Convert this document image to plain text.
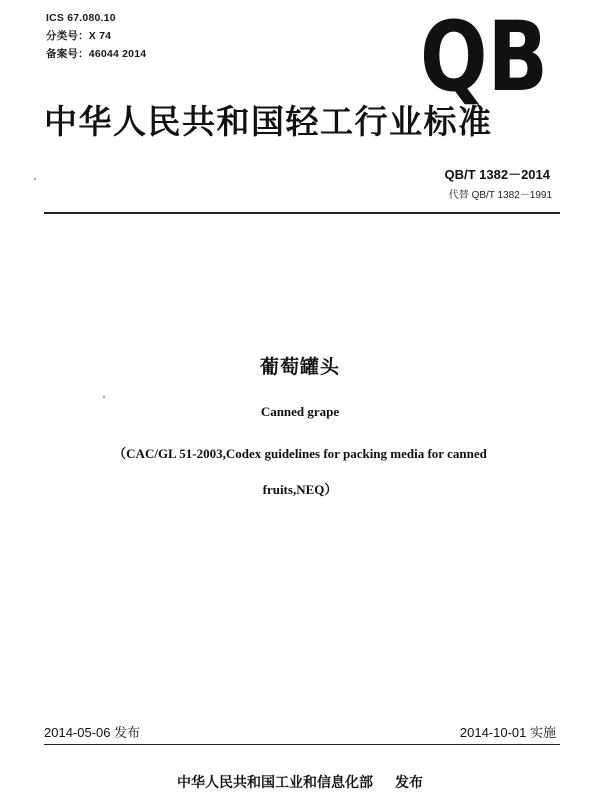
ICS 67.080.10
分类号：X 74
备案号：46044 2014	QB
中华人民共和国轻工行业标准
QB/T 1382－2014
代替 QB/T 1382－1991
葡萄罐头
Canned grape
（CAC/GL 51-2003,Codex guidelines for packing media for canned
fruits,NEQ）
2014-05-06 发布	2014-10-01 实施
中华人民共和国工业和信息化部 发布
